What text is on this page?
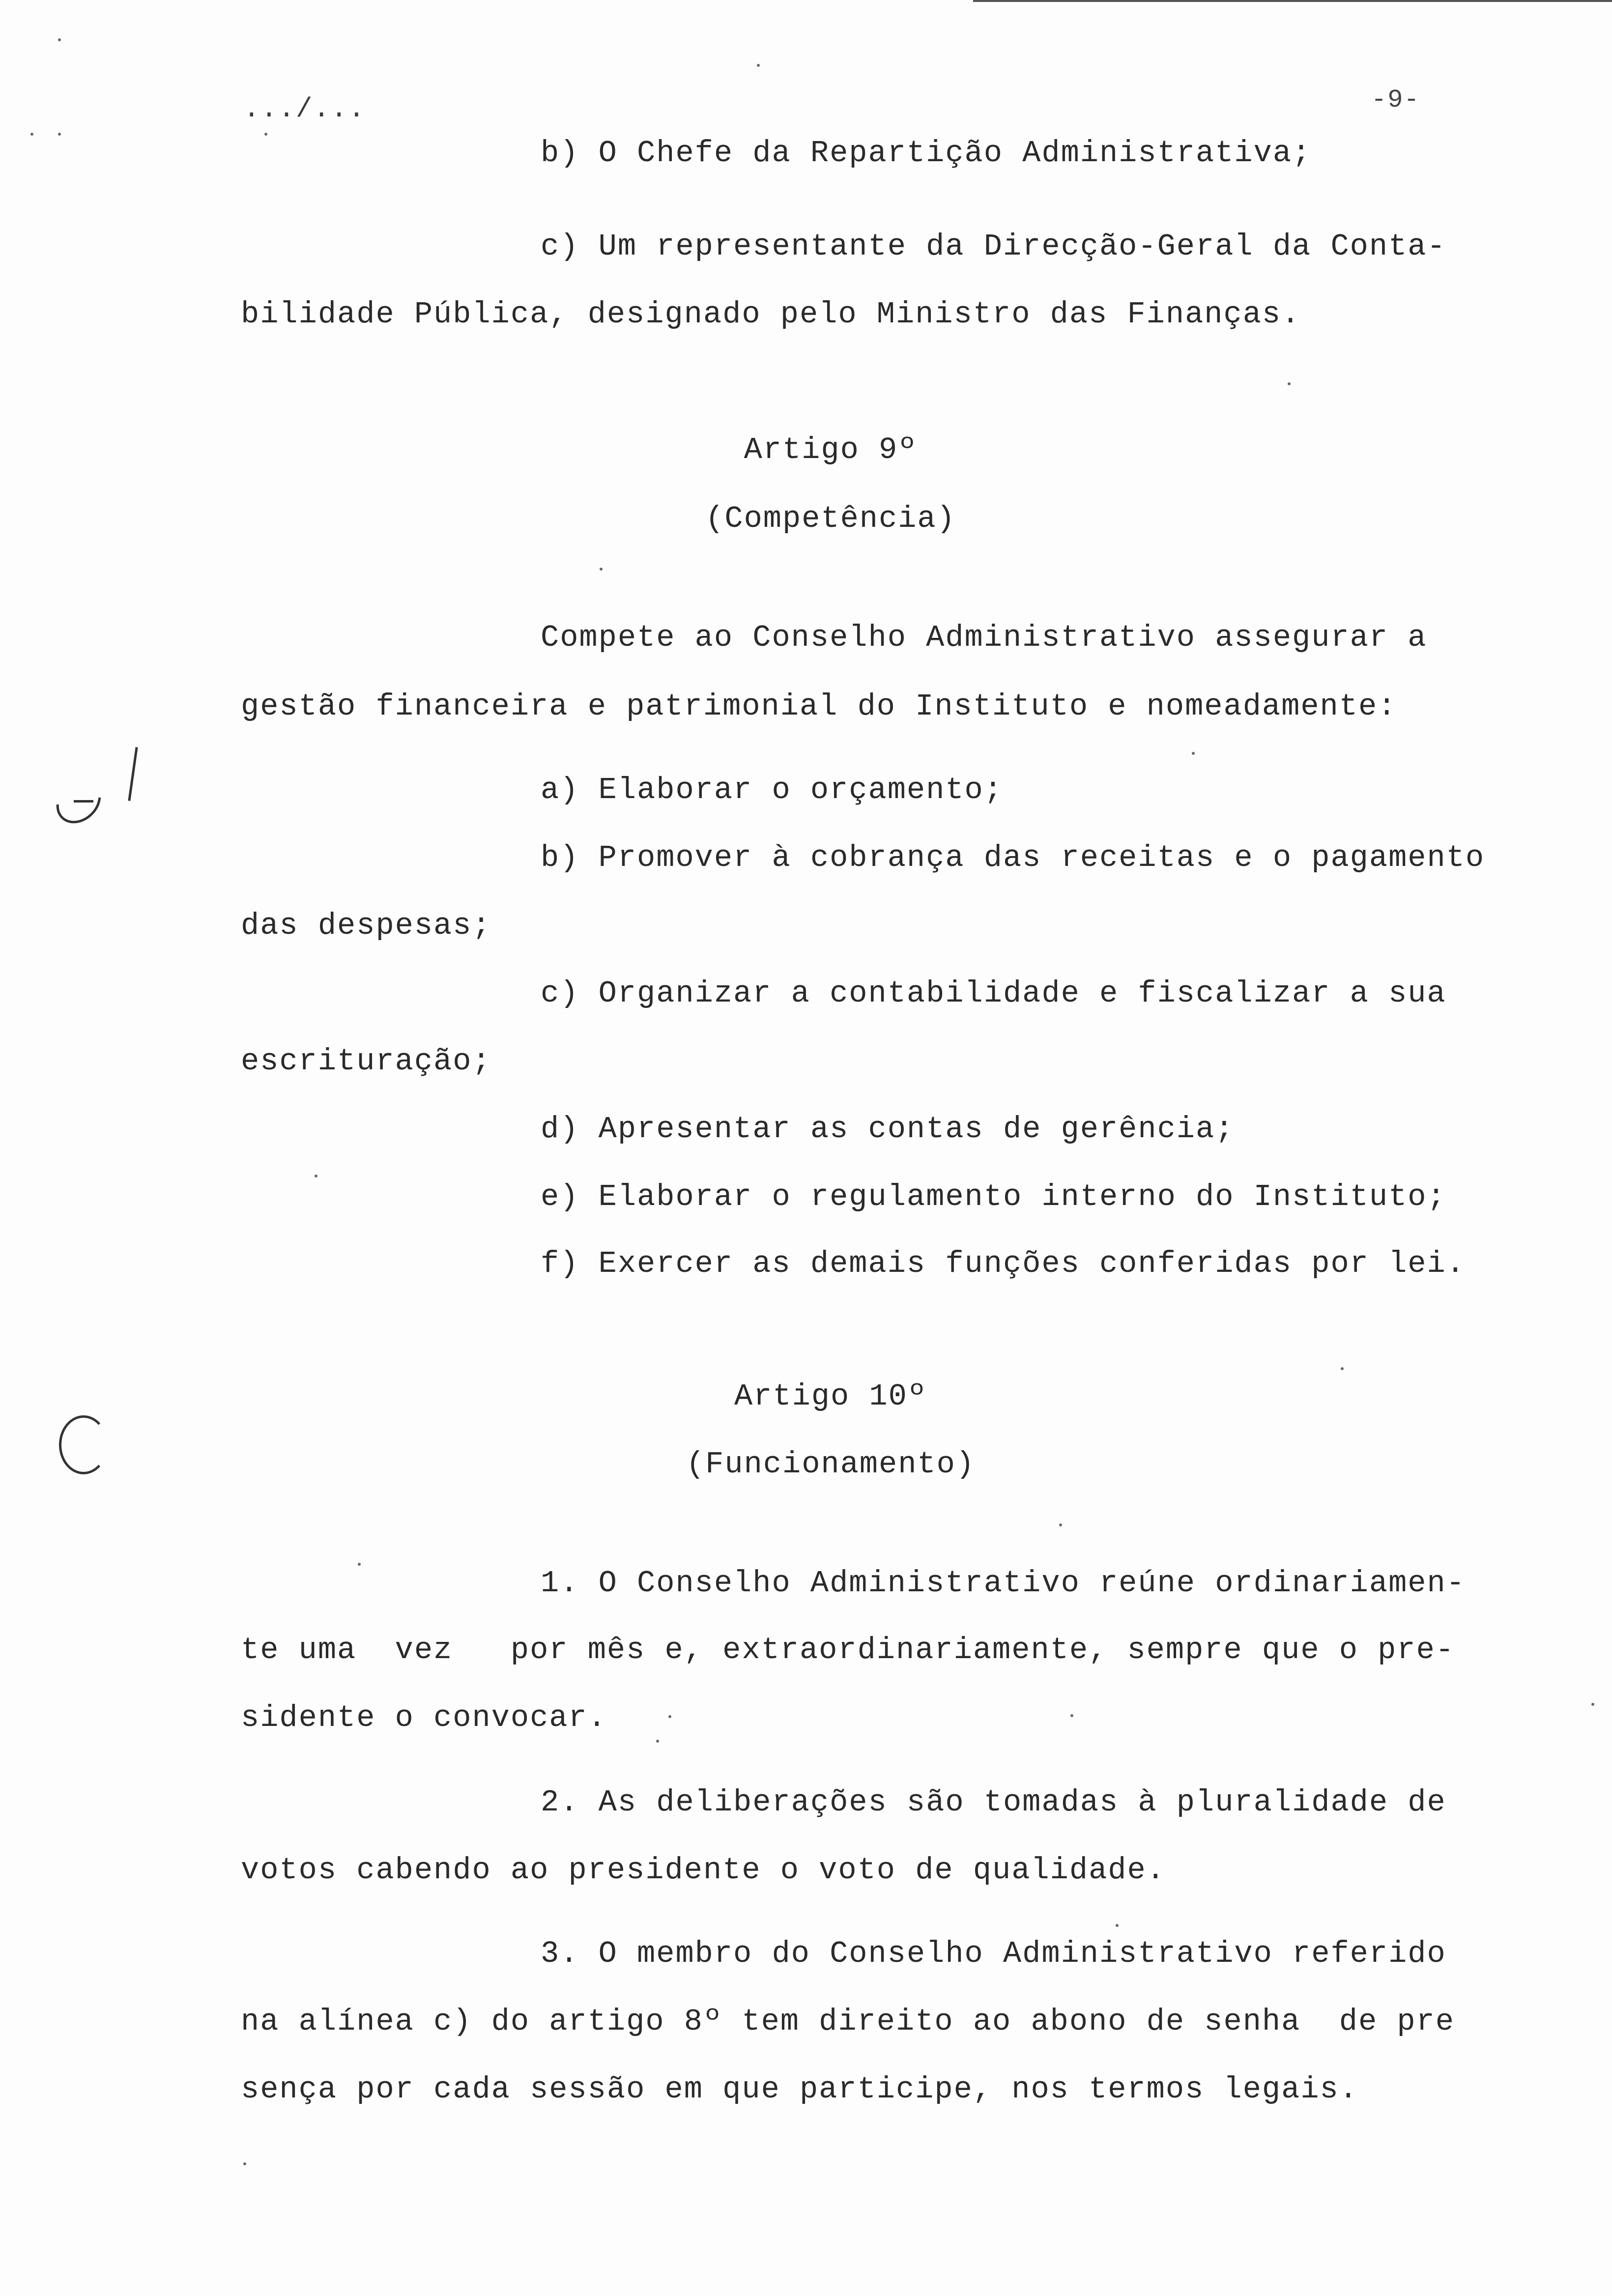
.../...	-9-
b) O Chefe da Repartição Administrativa;
c) Um representante da Direcção-Geral da Conta-
bilidade Pública, designado pelo Ministro das Finanças.
Artigo 9º
(Competência)
Compete ao Conselho Administrativo assegurar a
gestão financeira e patrimonial do Instituto e nomeadamente:
a) Elaborar o orçamento;
b) Promover à cobrança das receitas e o pagamento
das despesas;
c) Organizar a contabilidade e fiscalizar a sua
escrituração;
d) Apresentar as contas de gerência;
e) Elaborar o regulamento interno do Instituto;
f) Exercer as demais funções conferidas por lei.
Artigo 10º
(Funcionamento)
1. O Conselho Administrativo reúne ordinariamen-
te uma  vez   por mês e, extraordinariamente, sempre que o pre-
sidente o convocar.
2. As deliberações são tomadas à pluralidade de
votos cabendo ao presidente o voto de qualidade.
3. O membro do Conselho Administrativo referido
na alínea c) do artigo 8º tem direito ao abono de senha  de pre
sença por cada sessão em que participe, nos termos legais.
